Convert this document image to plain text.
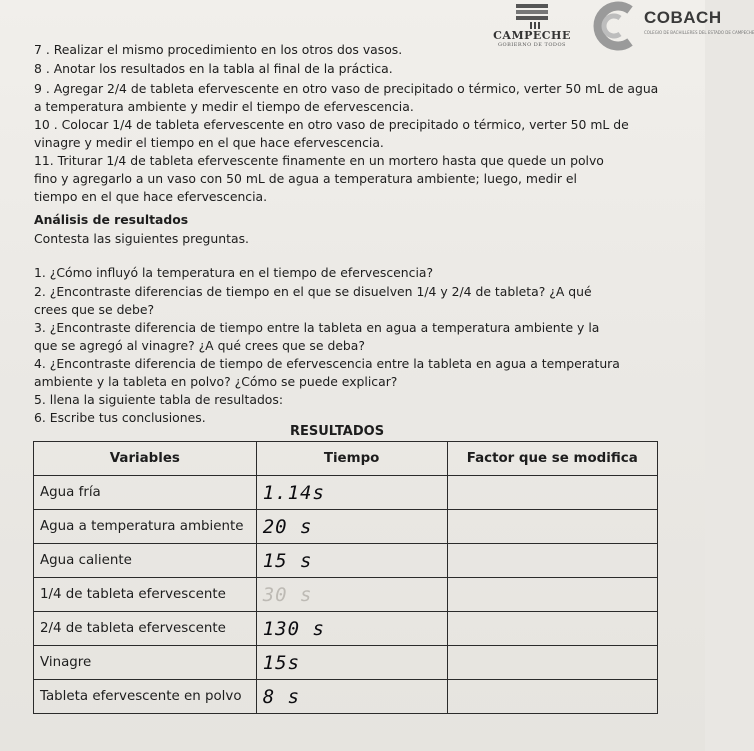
CAMPECHE
GOBIERNO DE TODOS
COBACH
COLEGIO DE BACHILLERES DEL ESTADO DE CAMPECHE
7 . Realizar el mismo procedimiento en los otros dos vasos.
8 . Anotar los resultados en la tabla al final de la práctica.
9 . Agregar 2/4 de tableta efervescente en otro vaso de precipitado o térmico, verter 50 mL de agua
a temperatura ambiente y medir el tiempo de efervescencia.
10 . Colocar 1/4 de tableta efervescente en otro vaso de precipitado o térmico, verter 50 mL de
vinagre y medir el tiempo en el que hace efervescencia.
11. Triturar 1/4 de tableta efervescente finamente en un mortero hasta que quede un polvo
fino y agregarlo a un vaso con 50 mL de agua a temperatura ambiente; luego, medir el
tiempo en el que hace efervescencia.
Análisis de resultados
Contesta las siguientes preguntas.
1. ¿Cómo influyó la temperatura en el tiempo de efervescencia?
2. ¿Encontraste diferencias de tiempo en el que se disuelven 1/4 y 2/4 de tableta? ¿A qué
crees que se debe?
3. ¿Encontraste diferencia de tiempo entre la tableta en agua a temperatura ambiente y la
que se agregó al vinagre? ¿A qué crees que se deba?
4. ¿Encontraste diferencia de tiempo de efervescencia entre la tableta en agua a temperatura
ambiente y la tableta en polvo? ¿Cómo se puede explicar?
5. llena la siguiente tabla de resultados:
6. Escribe tus conclusiones.
RESULTADOS
Variables	Tiempo	Factor que se modifica
Agua fría	1.14s	
Agua a temperatura ambiente	20 s	
Agua caliente	15 s	
1/4 de tableta efervescente	30 s	
2/4 de tableta efervescente	130 s	
Vinagre	15s	
Tableta efervescente en polvo	8 s	
